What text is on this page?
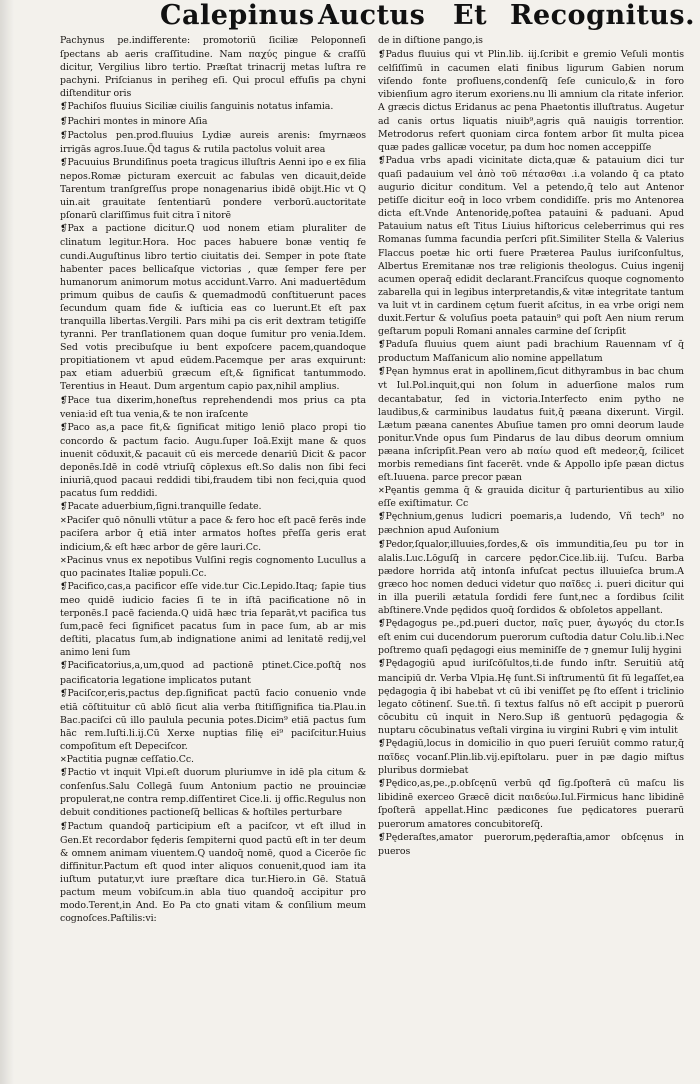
Calepinus Auctus Et Recognitus.

Pachynus pe.indifferente: promotoriū ſiciliæ Peloponneſi ſpectans ab aeris craſſitudine. Nam παχύς pingue & craſſū dicitur, Vergilius libro tertio. Præſtat trinacrij metas luſtra re pachyni. Priſcianus in periheg eſi. Qui procul effuſis pa chyni diſtenditur oris

❡ Pachiſos fluuius Siciliæ ciuilis ſanguinis notatus infamia.

❡ Pachiri montes in minore Aſia

❡ Pactolus pen.prod.fluuius Lydiæ aureis arenis: ſmyrnæos irrigās agros.Iuue.Q̄d tagus & rutila pactolus voluit area

❡ Pacuuius Brundiſinus poeta tragicus illuſtris Aenni ipo e ex filia nepos.Romæ picturam exercuit ac fabulas ven dicauit,deīde Tarentum tranſgreſſus prope nonagenarius ibidē obijt.Hic vt Q uin.ait grauitate ſententiarū pondere verborū.auctoritate pſonarū clariſſimus fuit citra ī nitorē

❡ Pax a pactione dicitur.Q uod nonem etiam pluraliter de clinatum legitur.Hora. Hoc paces habuere bonæ ventiq fe cundi.Auguſtinus libro tertio ciuitatis dei. Semper in pote ſtate habenter paces bellicaſque victorias , quæ ſemper fere per humanorum animorum motus accidunt.Varro. Ani maduertēdum primum quibus de cauſis & quemadmodū conſtituerunt paces ſecundum quam fide & iuſticia eas co luerunt.Et eſt pax tranquilla libertas.Vergili. Pars mihi pa cis erit dextram tetigiſſe tyranni. Per tranſlationem quan doque ſumitur pro venia.Idem. Sed votis precibuſque iu bent expoſcere pacem,quandoque propitiationem vt apud eūdem.Pacemque per aras exquirunt: pax etiam aduerbiū græcum eſt,& ſignificat tantummodo. Terentius in Heaut. Dum argentum capio pax,nihil amplius.

❡ Pace tua dixerim,honeſtus reprehendendi mos prius ca pta venia:id eſt tua venia,& te non iraſcente

❡ Paco as,a pace fit,& ſignificat mitigo leniō placo propi tio concordo & pactum facio. Augu.ſuper Ioā.Exijt mane & quos inuenit cōduxit,& pacauit cū eis mercede denariū Dicit & pacor deponēs.Idē in codē vtriuſq̄ cōplexus eſt.So dalis non ſibi feci iniuriā,quod pacaui reddidi tibi,fraudem tibi non feci,quia quod pacatus ſum reddidi.

❡ Pacate aduerbium,ſigni.tranquille ſedate.

✕ Paciſer quō nōnulli vtūtur a pace & fero hoc eſt pacē ferēs inde paciſera arbor q̄ etiā inter armatos hoſtes pr̄eſſa geris erat indicium,& eſt hæc arbor de gēre lauri.Cc.

✕ Pacinus vnus ex nepotibus Vulſini regis cognomento Lucullus a quo pacinates Italiæ populi.Cc.

❡ Pacifico,cas,a pacificor eſſe vide.tur Cic.Lepido.Itaq; ſapie tius meo quidē iudicio facies ſi te in iſtā pacificatione nō in terponēs.I pacē facienda.Q uidā hæc tria ſeparāt,vt pacifica tus ſum,pacē feci ſignificet pacatus ſum in pace ſum, ab ar mis deſtiti, placatus ſum,ab indignatione animi ad lenitatē redij,vel animo leni ſum

❡ Pacificatorius,a,um,quod ad pactionē ptinet.Cice.poſtq̄ nos pacificatoria legatione implicatos putant

❡ Paciſcor,eris,pactus dep.ſignificat pactū facio conuenio vnde etiā cōſtituitur cū ablō ſicut alia verba ſtitiſſignifica tia.Plau.in Bac.paciſci cū illo paulula pecunia potes.Dicim⁹ etiā pactus ſum hāc rem.Iuſti.li.ij.Cū Xerxe nuptias filię ei⁹ paciſcitur.Huius compoſitum eſt Depeciſcor.

✕ Pactitia pugnæ ceſſatio.Cc.

❡ Pactio vt inquit Vlpi.eſt duorum pluriumve in idē pla citum & conſenſus.Salu Collegā ſuum Antonium pactio ne prouinciæ propulerat,ne contra remp.diſſentiret Cice.li. ij offic.Regulus non debuit conditiones pactioneſq̄ bellicas & hoſtiles perturbare

❡ Pactum quandoq̄ participium eſt a paciſcor, vt eſt illud in Gen.Et recordabor fęderis ſempiterni quod pactū eſt in ter deum & omnem animam viuentem.Q uandoq̄ nomē, quod a Cicerōe ſic diffinitur.Pactum eſt quod inter aliquos conuenit,quod iam ita iuſtum putatur,vt iure præſtare dica tur.Hiero.in Gē. Statuā pactum meum vobiſcum.in abla tiuo quandoq̄ accipitur pro modo.Terent,in And. Eo Pa cto gnati vitam & conſilium meum cognoſces.Paſtilis:vi:

de in diſtione pango,is

❡ Padus fluuius qui vt Plin.lib. iij.ſcribit e gremio Veſuli montis celſiſſimū in cacumen elati finibus ligurum Gabien norum viſendo fonte profluens,condenſq̄ ſeſe cuniculo,& in foro vibienſium agro iterum exoriens.nu lli amnium cla ritate inferior. A græcis dictus Eridanus ac pena Phaetontis illuſtratus. Augetur ad canis ortus liquatis niuib⁹,agris quā nauigis torrentior. Metrodorus refert quoniam circa fontem arbor ſit multa picea quæ pades gallicæ vocetur, pa dum hoc nomen acceppiſſe

❡ Padua vrbs apadi vicinitate dicta,quæ & patauium dici tur quaſi padauium vel ἀπὸ τοῦ πέτασθαι .i.a volando q̄ ca ptato augurio dicitur conditum. Vel a petendo,q̄ telo aut Antenor petiſſe dicitur eoq̄ in loco vrbem condidiſſe. pris mo Antenorea dicta eſt.Vnde Antenoridę,poſtea patauini & paduani. Apud Patauium natus eſt Titus Liuius hiſtoricus celeberrimus qui res Romanas ſumma facundia perſcri pſit.Similiter Stella & Valerius Flaccus poetæ hic orti fuere Præterea Paulus iuriſconſultus, Albertus Eremitanæ nos træ religionis theologus. Cuius ingenij acumen operaq̄ edidit declarant.Franciſcus quoque cognomento zabarella qui in legibus interpretandis,& vitæ integritate tantum va luit vt in cardinem cętum fuerit aſcitus, in ea vrbe origi nem duxit.Fertur & voluſius poeta patauin⁹ qui poſt Aen nium rerum geſtarum populi Romani annales carmine deſ ſcripſit

❡ Paduſa fluuius quem aiunt padi brachium Rauennam vſ q̄ productum Maſſanicum alio nomine appellatum

❡ Pęan hymnus erat in apollinem,ſicut dithyrambus in bac chum vt Iul.Pol.inquit,qui non ſolum in aduerſione malos rum decantabatur, ſed in victoria.Interfecto enim pytho ne laudibus,& carminibus laudatus fuit,q̄ pæana dixerunt. Virgil. Lætum pæana canentes Abuſiue tamen pro omni deorum laude ponitur.Vnde opus ſum Pindarus de lau dibus deorum omnium pæana inſcripſit.Pean vero ab παίω quod eſt medeor,q̄, ſcilicet morbis remedians ſint facerēt. vnde & Appollo ipſe pæan dictus eſt.Iuuena. parce precor pæan

✕ Pęantis gemma q̄ & grauida dicitur q̄ parturientibus au xilio eſſe exiſtimatur. Cc

❡ Pęchnium,genus ludicri poemaris,a ludendo, Vñ tech⁹ no pæchnion apud Auſonium

❡ Pedor,ſqualor,illuuies,ſordes,& oīs immunditia,ſeu pu tor in alalis.Luc.Lōguſq̄ in carcere pędor.Cice.lib.iij. Tuſcu. Barba pædore horrida atq̄ intonſa infuſcat pectus illuuieſca brum.A græco hoc nomen deduci videtur quo παῖδες .i. pueri dicitur qui in illa puerili ætatula ſordidi fere ſunt,nec a ſordibus ſcilit abſtinere.Vnde pędidos quoq̄ ſordidos & obſoletos appellant.

❡ Pędagogus pe.,pd.pueri ductor, παῖς puer, ἀγωγός du ctor.Is eſt enim cui ducendorum puerorum cuſtodia datur Colu.lib.i.Nec poſtremo quaſi pędagogi eius meminiſſe de ⁊ gnemur Iulij hygini

❡ Pędagogiū apud iuriſcōſultos,ti.de fundo inſtr. Seruitiū atq̄ mancipiū dr. Verba Vlpia.Hę ſunt.Si inſtrumentū ſit fū legaſſet,ea pędagogia q̄ ibi habebat vt cū ibi veniſſet pę ſto eſſent i triclinio legato cōtinenſ. Sue.tñ. ſi textus falſus nō eſt accipit p puerorū cōcubitu cū inquit in Nero.Sup iß gentuorū pędagogia & nuptaru cōcubinatus veſtali virgina iu virgini Rubri ę vim intulit

❡ Pędagiū,locus in domicilio in quo pueri ſeruiūt commo ratur,q̄ παῖδες vocanſ.Plin.lib.vij.epiſtolaru. puer in pæ dagio miſtus pluribus dormiebat

❡ Pędico,as,pe.,p.obſcęnū verbū qđ ſig.ſpoſterā cū maſcu lis libidinē exerceo Græcē dicit παιδεύω.Iul.Firmicus hanc libidinē ſpoſterā appellat.Hinc pædicones ſue pędicatores puerarū puerorum amatores concubitoreſq̄.

❡ Pęderaſtes,amator puerorum,pęderaſtia,amor obſcęnus in pueros
